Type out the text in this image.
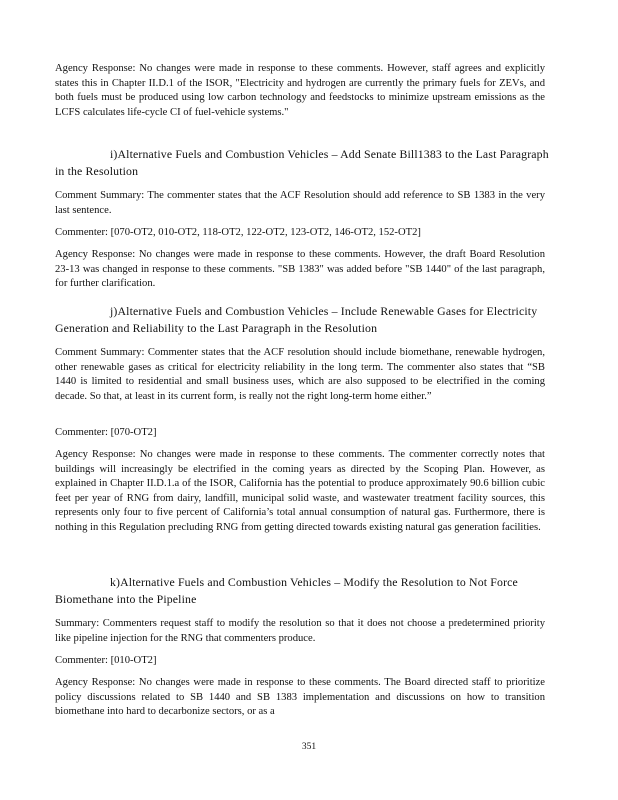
Agency Response: No changes were made in response to these comments. However, staff agrees and explicitly states this in Chapter II.D.1 of the ISOR, "Electricity and hydrogen are currently the primary fuels for ZEVs, and both fuels must be produced using low carbon technology and feedstocks to minimize upstream emissions as the LCFS calculates life-cycle CI of fuel-vehicle systems."

i)Alternative Fuels and Combustion Vehicles – Add Senate Bill1383 to the Last Paragraph in the Resolution

Comment Summary: The commenter states that the ACF Resolution should add reference to SB 1383 in the very last sentence.

Commenter: [070-OT2, 010-OT2, 118-OT2, 122-OT2, 123-OT2, 146-OT2, 152-OT2]

Agency Response: No changes were made in response to these comments. However, the draft Board Resolution 23-13 was changed in response to these comments. "SB 1383" was added before "SB 1440" of the last paragraph, for further clarification.

j)Alternative Fuels and Combustion Vehicles – Include Renewable Gases for Electricity Generation and Reliability to the Last Paragraph in the Resolution

Comment Summary: Commenter states that the ACF resolution should include biomethane, renewable hydrogen, other renewable gases as critical for electricity reliability in the long term. The commenter also states that “SB 1440 is limited to residential and small business uses, which are also supposed to be electrified in the coming decade. So that, at least in its current form, is really not the right long-term home either.”

Commenter: [070-OT2]

Agency Response: No changes were made in response to these comments. The commenter correctly notes that buildings will increasingly be electrified in the coming years as directed by the Scoping Plan. However, as explained in Chapter II.D.1.a of the ISOR, California has the potential to produce approximately 90.6 billion cubic feet per year of RNG from dairy, landfill, municipal solid waste, and wastewater treatment facility sources, this represents only four to five percent of California’s total annual consumption of natural gas. Furthermore, there is nothing in this Regulation precluding RNG from getting directed towards existing natural gas generation facilities.

k)Alternative Fuels and Combustion Vehicles – Modify the Resolution to Not Force Biomethane into the Pipeline

Summary: Commenters request staff to modify the resolution so that it does not choose a predetermined priority like pipeline injection for the RNG that commenters produce.

Commenter: [010-OT2]

Agency Response: No changes were made in response to these comments. The Board directed staff to prioritize policy discussions related to SB 1440 and SB 1383 implementation and discussions on how to transition biomethane into hard to decarbonize sectors, or as a

351
